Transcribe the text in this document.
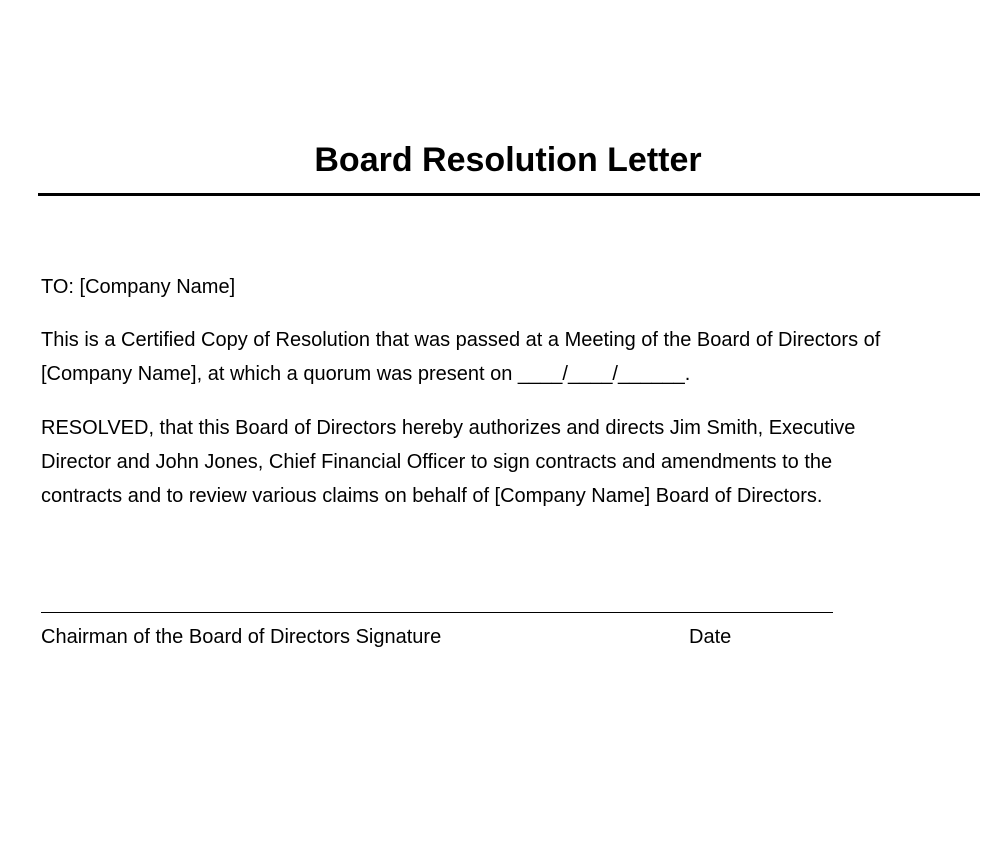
Board Resolution Letter

TO: [Company Name]

This is a Certified Copy of Resolution that was passed at a Meeting of the Board of Directors of
[Company Name], at which a quorum was present on ____/____/______.

RESOLVED, that this Board of Directors hereby authorizes and directs Jim Smith, Executive
Director and John Jones, Chief Financial Officer to sign contracts and amendments to the
contracts and to review various claims on behalf of [Company Name] Board of Directors.

Chairman of the Board of Directors Signature	Date
